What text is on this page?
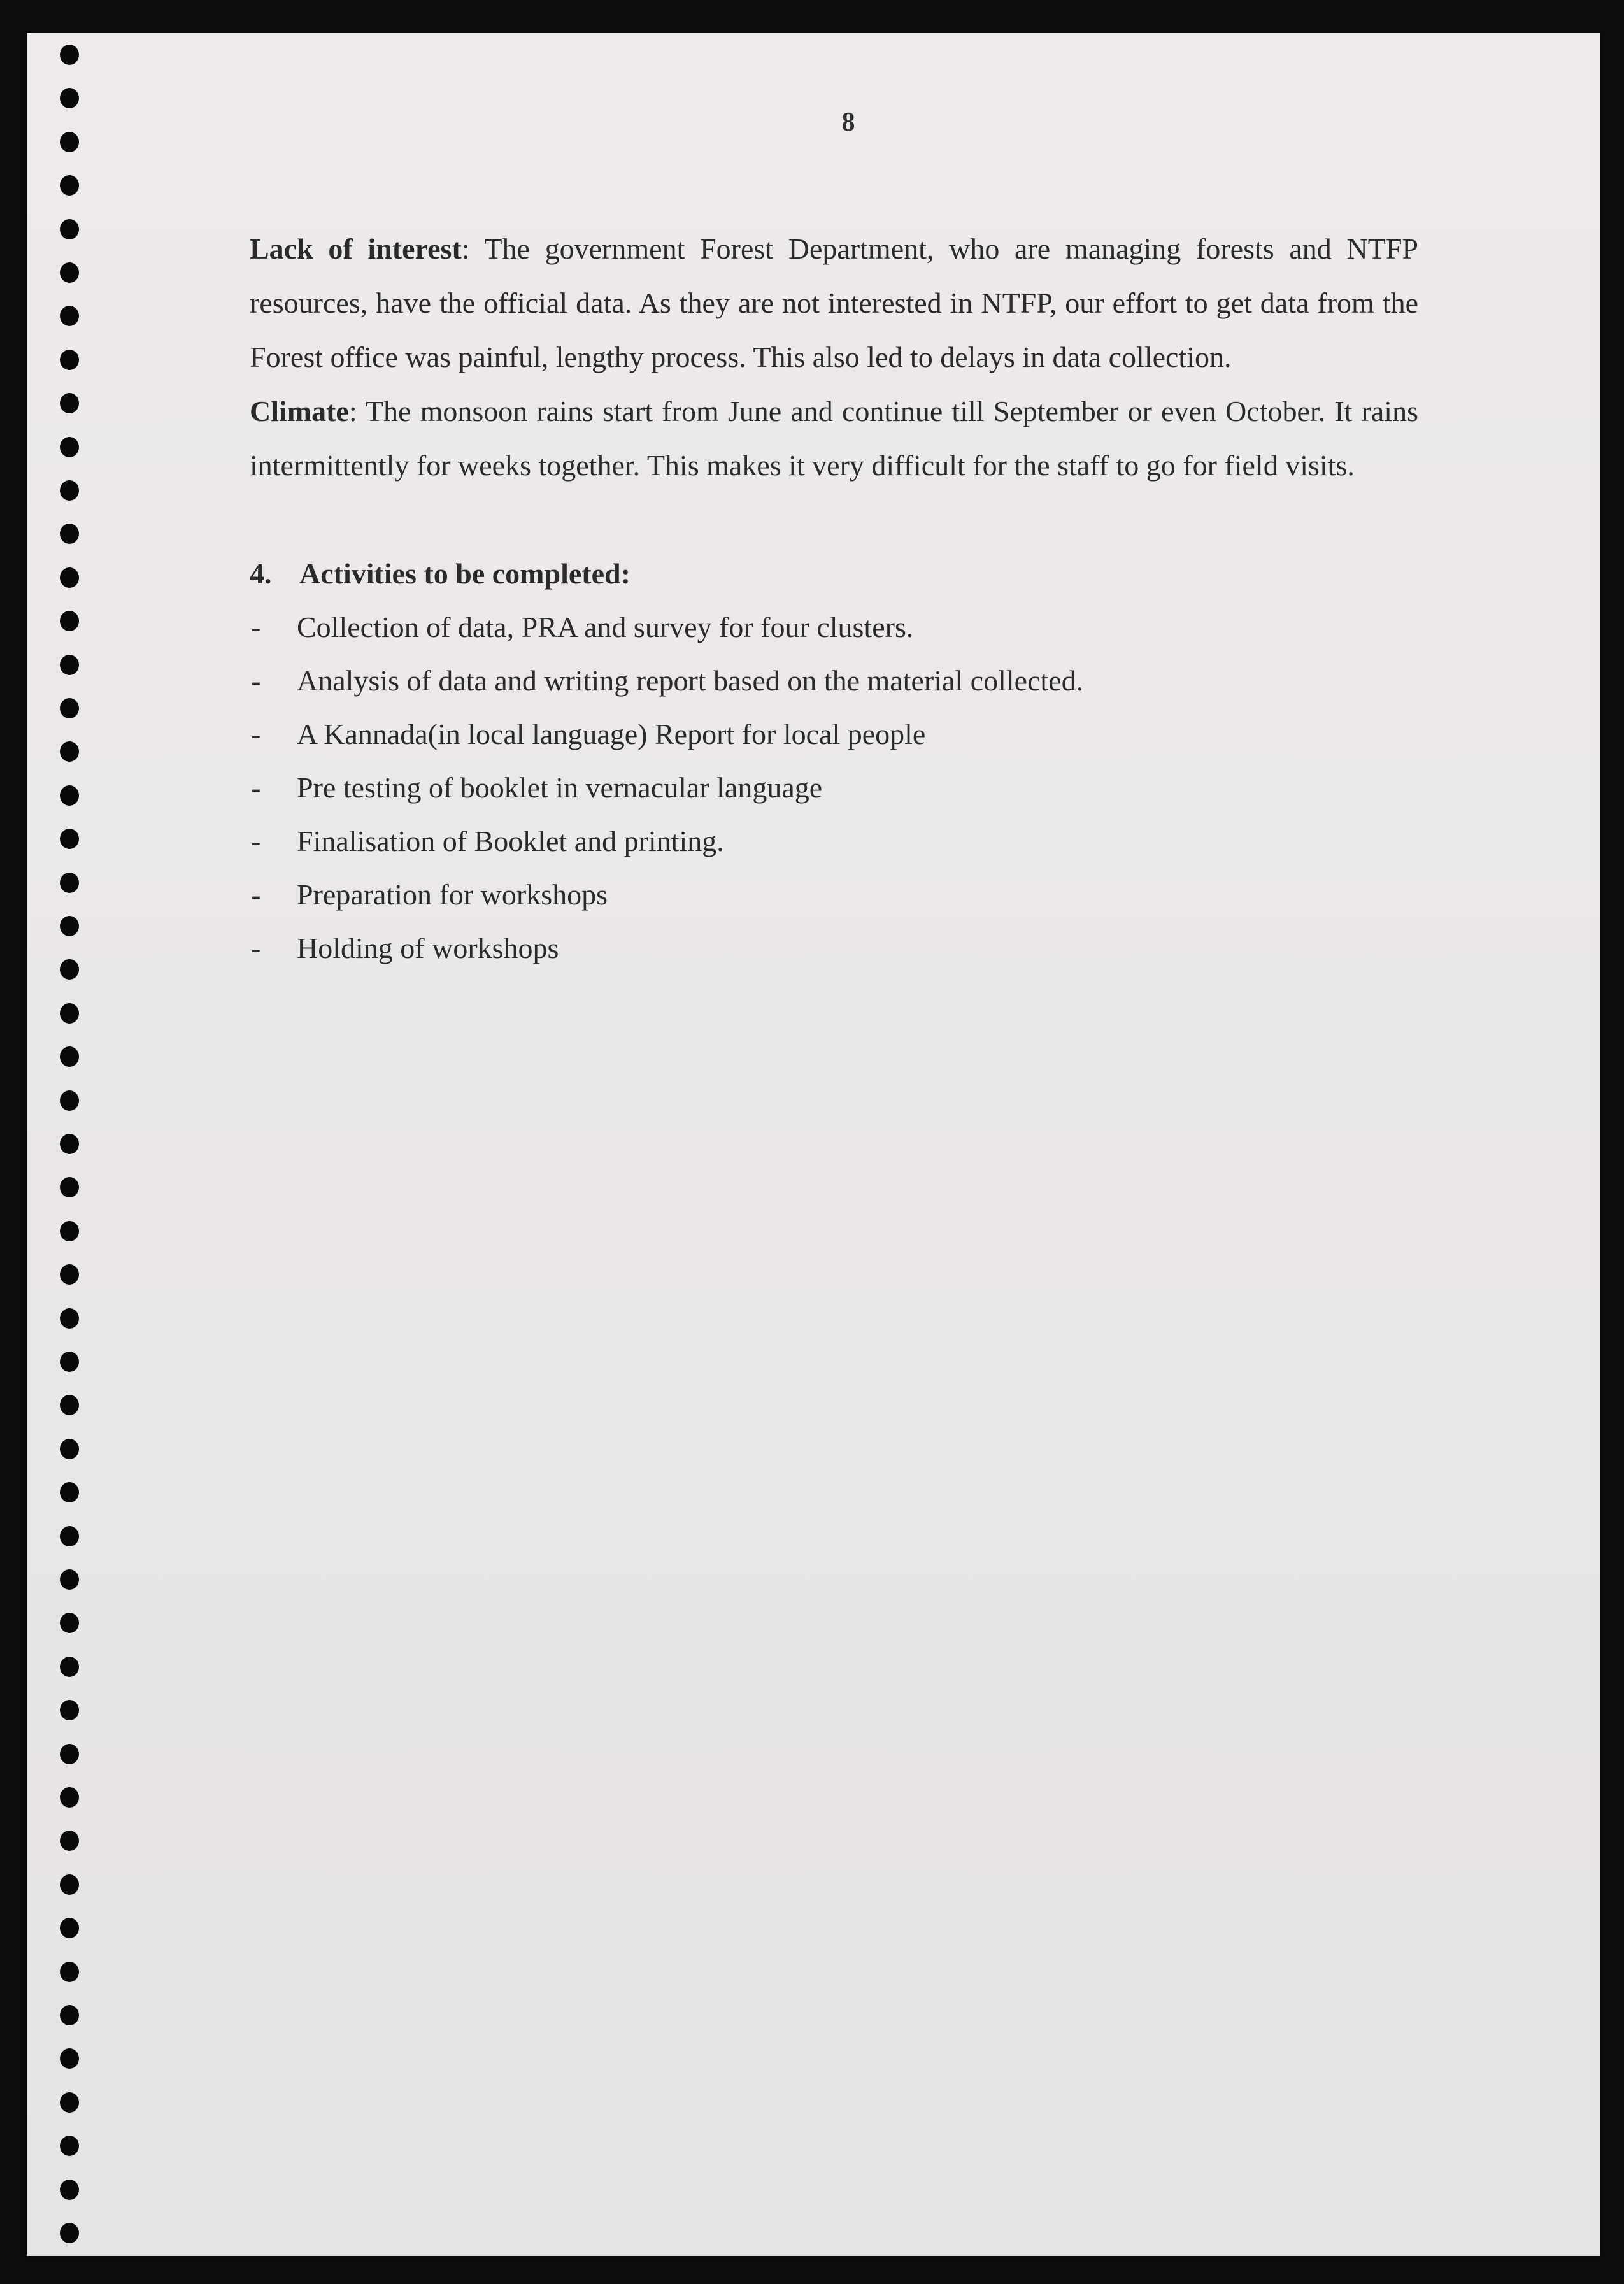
8

Lack of interest: The government Forest Department, who are managing forests and NTFP resources, have the official data. As they are not interested in NTFP, our effort to get data from the Forest office was painful, lengthy process. This also led to delays in data collection.

Climate: The monsoon rains start from June and continue till September or even October. It rains intermittently for weeks together. This makes it very difficult for the staff to go for field visits.

4. Activities to be completed:
-	Collection of data, PRA and survey for four clusters.
-	Analysis of data and writing report based on the material collected.
-	A Kannada(in local language) Report for local people
-	Pre testing of booklet in vernacular language
-	Finalisation of Booklet and printing.
-	Preparation for workshops
-	Holding of workshops
